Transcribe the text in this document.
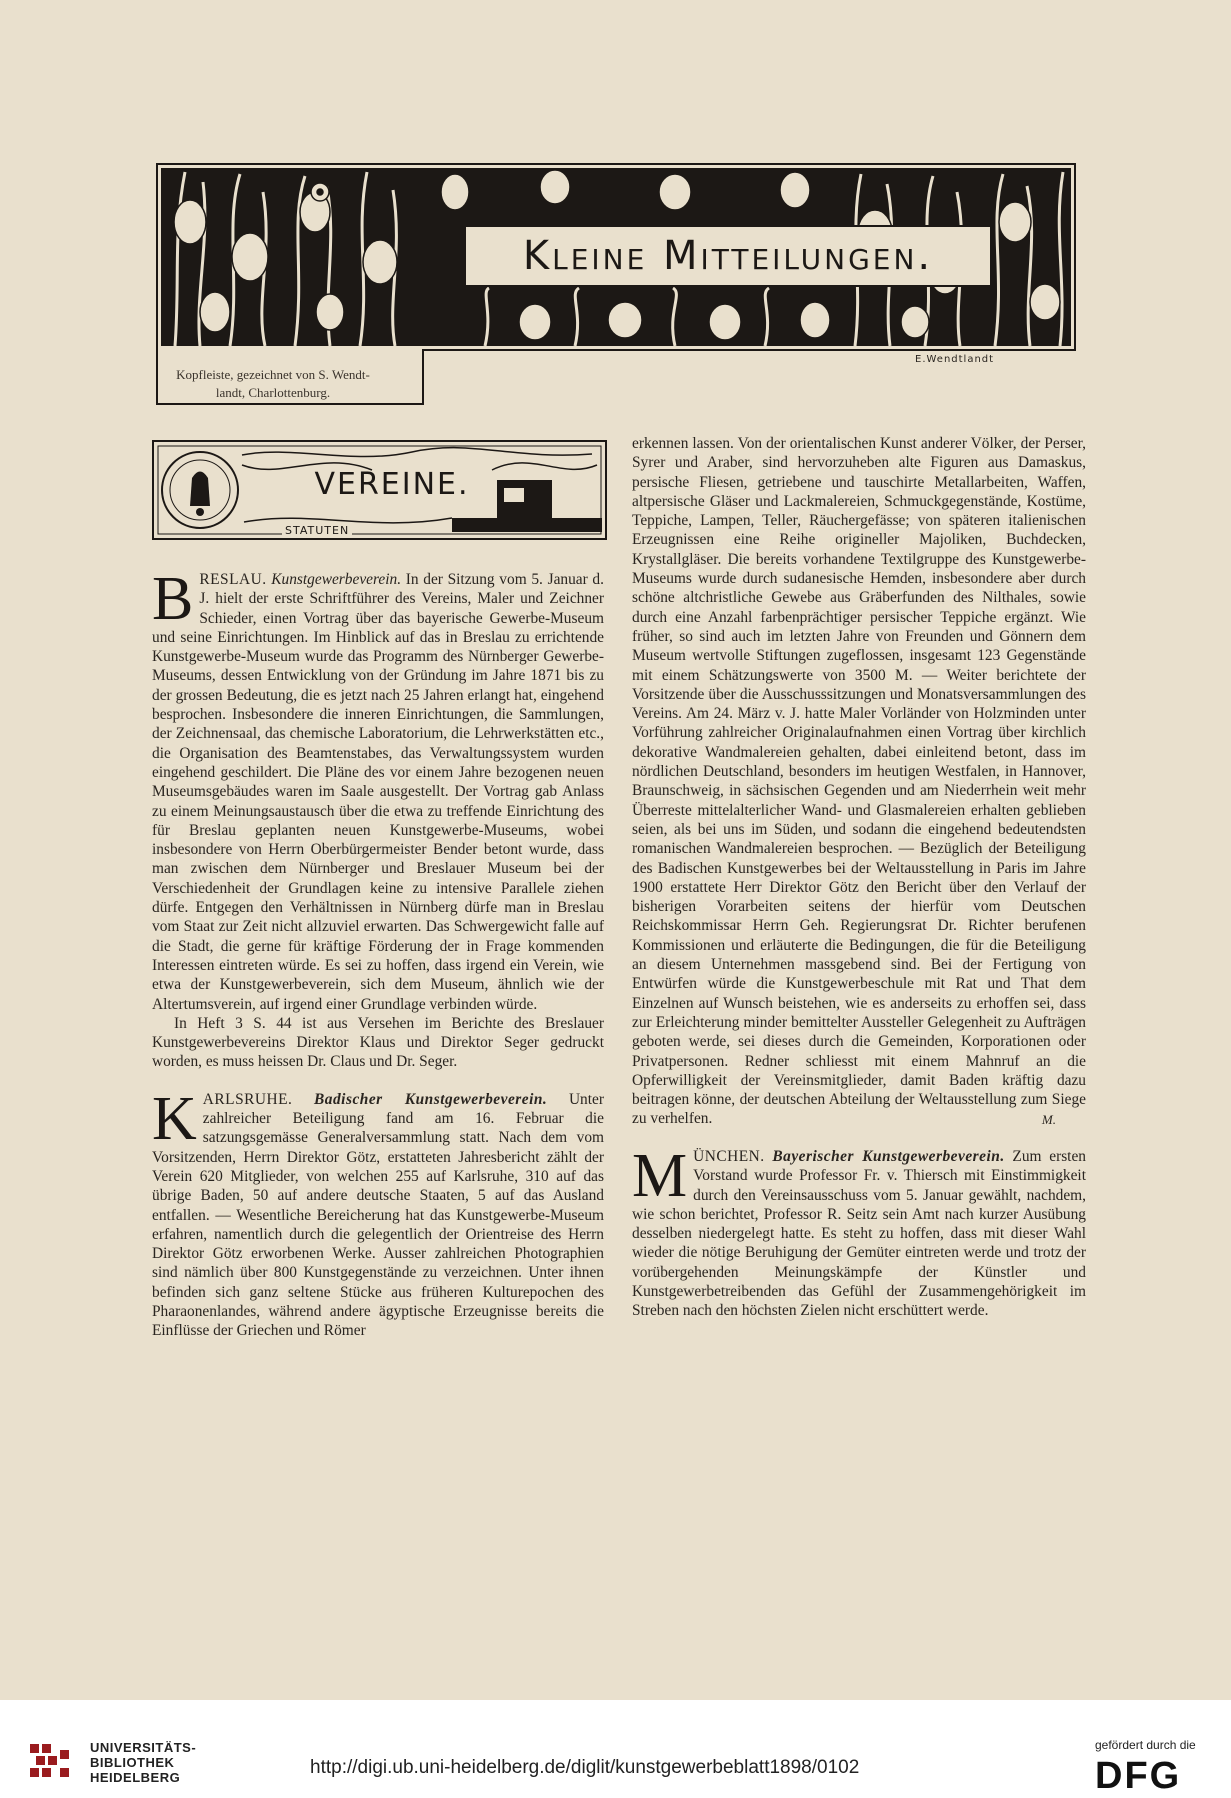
Kleine Mitteilungen.
E.Wendtlandt
Kopfleiste, gezeichnet von S. Wendt-
landt, Charlottenburg.
VEREINE.
STATUTEN

BRESLAU. Kunstgewerbeverein. In der Sitzung vom 5. Januar d. J. hielt der erste Schriftführer des Vereins, Maler und Zeichner Schieder, einen Vortrag über das bayerische Gewerbe-Museum und seine Einrichtungen. Im Hinblick auf das in Breslau zu errichtende Kunstgewerbe-Museum wurde das Programm des Nürnberger Gewerbe-Museums, dessen Entwicklung von der Gründung im Jahre 1871 bis zu der grossen Bedeutung, die es jetzt nach 25 Jahren erlangt hat, eingehend besprochen. Insbesondere die inneren Einrichtungen, die Sammlungen, der Zeichnensaal, das chemische Laboratorium, die Lehrwerkstätten etc., die Organisation des Beamtenstabes, das Verwaltungssystem wurden eingehend geschildert. Die Pläne des vor einem Jahre bezogenen neuen Museumsgebäudes waren im Saale ausgestellt. Der Vortrag gab Anlass zu einem Meinungsaustausch über die etwa zu treffende Einrichtung des für Breslau geplanten neuen Kunstgewerbe-Museums, wobei insbesondere von Herrn Oberbürgermeister Bender betont wurde, dass man zwischen dem Nürnberger und Breslauer Museum bei der Verschiedenheit der Grundlagen keine zu intensive Parallele ziehen dürfe. Entgegen den Verhältnissen in Nürnberg dürfe man in Breslau vom Staat zur Zeit nicht allzuviel erwarten. Das Schwergewicht falle auf die Stadt, die gerne für kräftige Förderung der in Frage kommenden Interessen eintreten würde. Es sei zu hoffen, dass irgend ein Verein, wie etwa der Kunstgewerbeverein, sich dem Museum, ähnlich wie der Altertumsverein, auf irgend einer Grundlage verbinden würde.

In Heft 3 S. 44 ist aus Versehen im Berichte des Breslauer Kunstgewerbevereins Direktor Klaus und Direktor Seger gedruckt worden, es muss heissen Dr. Claus und Dr. Seger.

KARLSRUHE. Badischer Kunstgewerbeverein. Unter zahlreicher Beteiligung fand am 16. Februar die satzungsgemässe Generalversammlung statt. Nach dem vom Vorsitzenden, Herrn Direktor Götz, erstatteten Jahresbericht zählt der Verein 620 Mitglieder, von welchen 255 auf Karlsruhe, 310 auf das übrige Baden, 50 auf andere deutsche Staaten, 5 auf das Ausland entfallen. — Wesentliche Bereicherung hat das Kunstgewerbe-Museum erfahren, namentlich durch die gelegentlich der Orientreise des Herrn Direktor Götz erworbenen Werke. Ausser zahlreichen Photographien sind nämlich über 800 Kunstgegenstände zu verzeichnen. Unter ihnen befinden sich ganz seltene Stücke aus früheren Kulturepochen des Pharaonenlandes, während andere ägyptische Erzeugnisse bereits die Einflüsse der Griechen und Römer

erkennen lassen. Von der orientalischen Kunst anderer Völker, der Perser, Syrer und Araber, sind hervorzuheben alte Figuren aus Damaskus, persische Fliesen, getriebene und tauschirte Metallarbeiten, Waffen, altpersische Gläser und Lackmalereien, Schmuckgegenstände, Kostüme, Teppiche, Lampen, Teller, Räuchergefässe; von späteren italienischen Erzeugnissen eine Reihe origineller Majoliken, Buchdecken, Krystallgläser. Die bereits vorhandene Textilgruppe des Kunstgewerbe-Museums wurde durch sudanesische Hemden, insbesondere aber durch schöne altchristliche Gewebe aus Gräberfunden des Nilthales, sowie durch eine Anzahl farbenprächtiger persischer Teppiche ergänzt. Wie früher, so sind auch im letzten Jahre von Freunden und Gönnern dem Museum wertvolle Stiftungen zugeflossen, insgesamt 123 Gegenstände mit einem Schätzungswerte von 3500 M. — Weiter berichtete der Vorsitzende über die Ausschusssitzungen und Monatsversammlungen des Vereins. Am 24. März v. J. hatte Maler Vorländer von Holzminden unter Vorführung zahlreicher Originalaufnahmen einen Vortrag über kirchlich dekorative Wandmalereien gehalten, dabei einleitend betont, dass im nördlichen Deutschland, besonders im heutigen Westfalen, in Hannover, Braunschweig, in sächsischen Gegenden und am Niederrhein weit mehr Überreste mittelalterlicher Wand- und Glasmalereien erhalten geblieben seien, als bei uns im Süden, und sodann die eingehend bedeutendsten romanischen Wandmalereien besprochen. — Bezüglich der Beteiligung des Badischen Kunstgewerbes bei der Weltausstellung in Paris im Jahre 1900 erstattete Herr Direktor Götz den Bericht über den Verlauf der bisherigen Vorarbeiten seitens der hierfür vom Deutschen Reichskommissar Herrn Geh. Regierungsrat Dr. Richter berufenen Kommissionen und erläuterte die Bedingungen, die für die Beteiligung an diesem Unternehmen massgebend sind. Bei der Fertigung von Entwürfen würde die Kunstgewerbeschule mit Rat und That dem Einzelnen auf Wunsch beistehen, wie es anderseits zu erhoffen sei, dass zur Erleichterung minder bemittelter Aussteller Gelegenheit zu Aufträgen geboten werde, sei dieses durch die Gemeinden, Korporationen oder Privatpersonen. Redner schliesst mit einem Mahnruf an die Opferwilligkeit der Vereinsmitglieder, damit Baden kräftig dazu beitragen könne, der deutschen Abteilung der Weltausstellung zum Siege zu verhelfen.	M.

MÜNCHEN. Bayerischer Kunstgewerbeverein. Zum ersten Vorstand wurde Professor Fr. v. Thiersch mit Einstimmigkeit durch den Vereinsausschuss vom 5. Januar gewählt, nachdem, wie schon berichtet, Professor R. Seitz sein Amt nach kurzer Ausübung desselben niedergelegt hatte. Es steht zu hoffen, dass mit dieser Wahl wieder die nötige Beruhigung der Gemüter eintreten werde und trotz der vorübergehenden Meinungskämpfe der Künstler und Kunstgewerbetreibenden das Gefühl der Zusammengehörigkeit im Streben nach den höchsten Zielen nicht erschüttert werde.

UNIVERSITÄTS-
BIBLIOTHEK
HEIDELBERG	http://digi.ub.uni-heidelberg.de/diglit/kunstgewerbeblatt1898/0102
gefördert durch die
DFG
